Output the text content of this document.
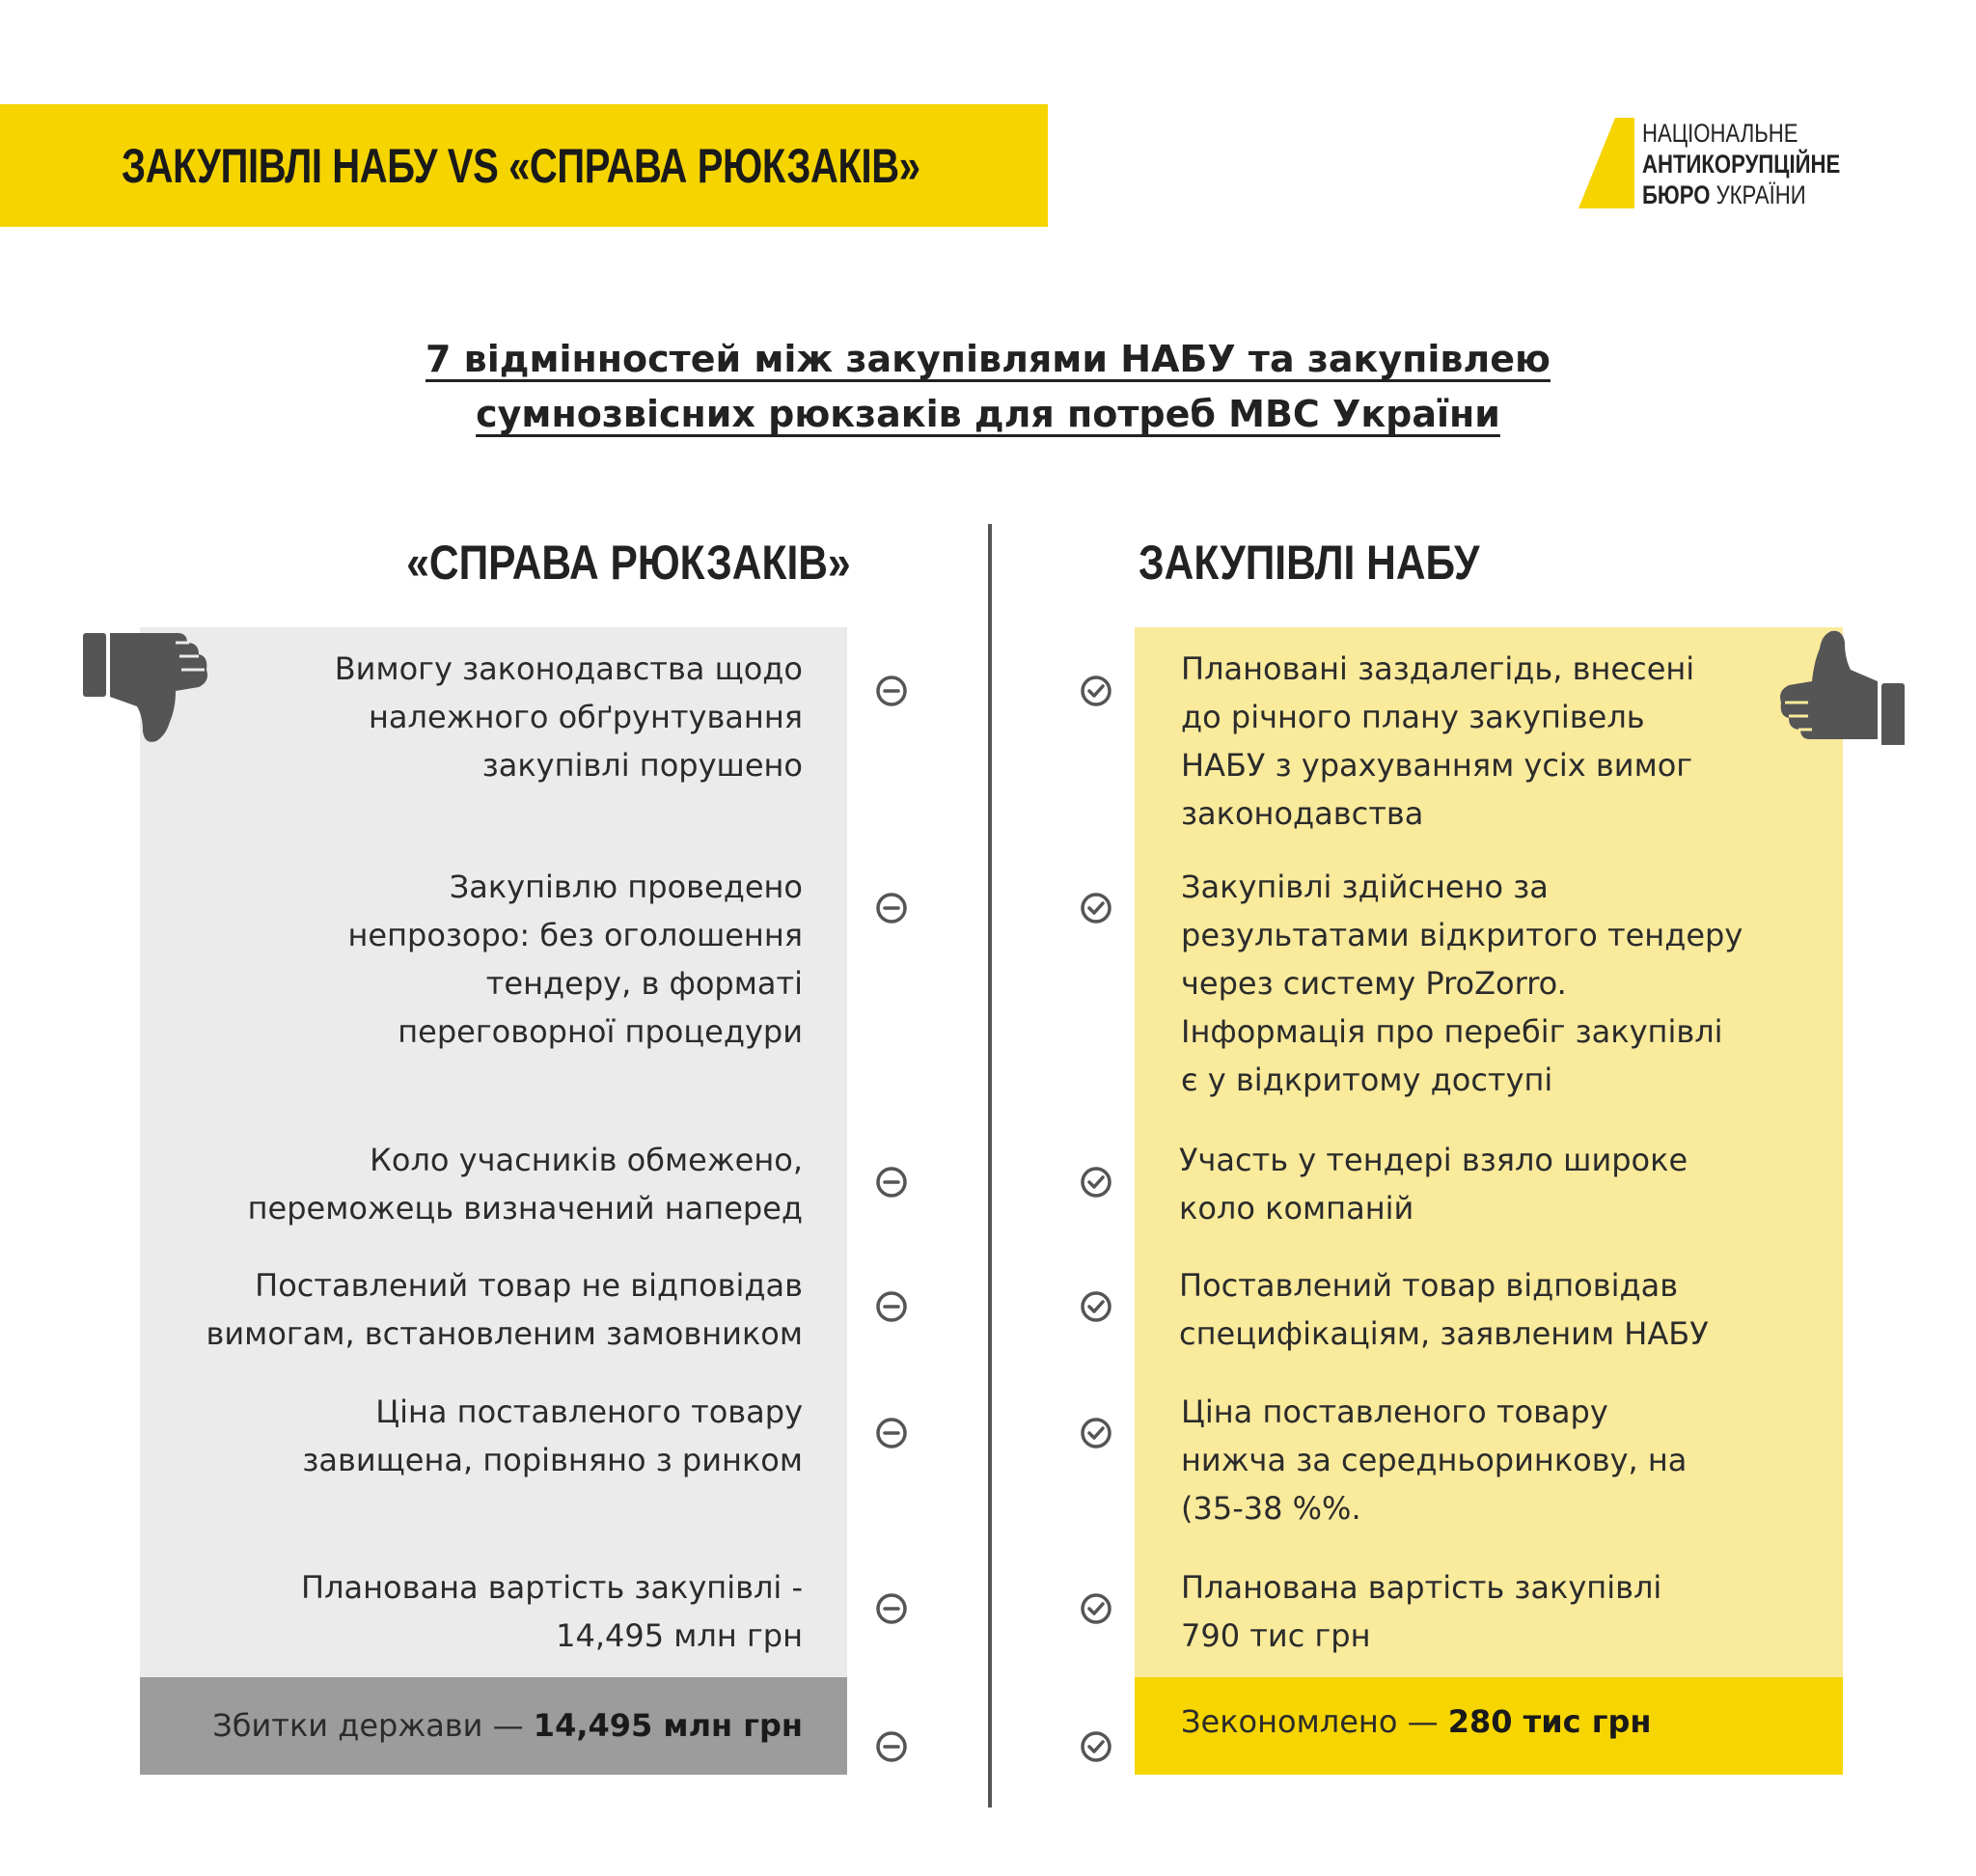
ЗАКУПІВЛІ НАБУ VS «СПРАВА РЮКЗАКІВ»
НАЦІОНАЛЬНЕ
АНТИКОРУПЦІЙНЕ
БЮРО УКРАЇНИ
7 відмінностей між закупівлями НАБУ та закупівлею
сумнозвісних рюкзаків для потреб МВС України
«СПРАВА РЮКЗАКІВ»	ЗАКУПІВЛІ НАБУ
Збитки держави — 14,495 млн грн	Зекономлено — 280 тис грн
Вимогу законодавства щодо
належного обґрунтування
закупівлі порушено
Плановані заздалегідь, внесені
до річного плану закупівель
НАБУ з урахуванням усіх вимог
законодавства
Закупівлю проведено
непрозоро: без оголошення
тендеру, в форматі
переговорної процедури
Закупівлі здійснено за
результатами відкритого тендеру
через систему ProZorro.
Інформація про перебіг закупівлі
є у відкритому доступі
Коло учасників обмежено,
переможець визначений наперед
Участь у тендері взяло широке
коло компаній
Поставлений товар не відповідав
вимогам, встановленим замовником
Поставлений товар відповідав
специфікаціям, заявленим НАБУ
Ціна поставленого товару
завищена, порівняно з ринком
Ціна поставленого товару
нижча за середньоринкову, на
(35-38 %%.
Планована вартість закупівлі -
14,495 млн грн
Планована вартість закупівлі
790 тис грн
